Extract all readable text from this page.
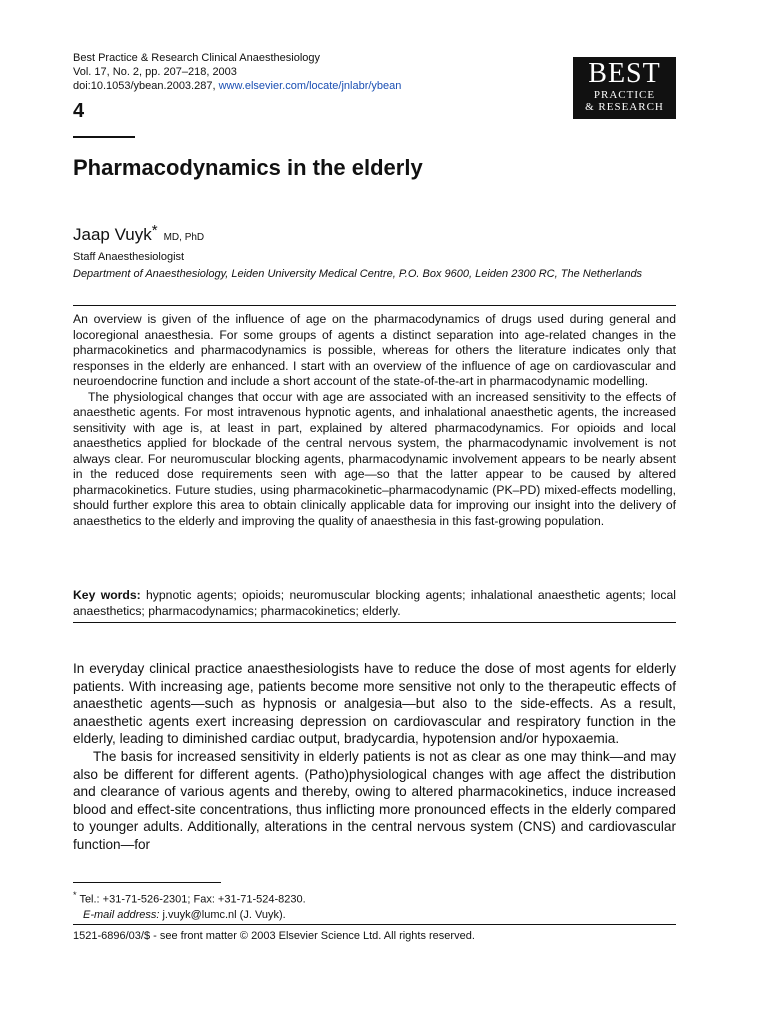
Best Practice & Research Clinical Anaesthesiology
Vol. 17, No. 2, pp. 207–218, 2003
doi:10.1053/ybean.2003.287, www.elsevier.com/locate/jnlabr/ybean	BEST
PRACTICE
& RESEARCH
4
Pharmacodynamics in the elderly
Jaap Vuyk* MD, PhD
Staff Anaesthesiologist
Department of Anaesthesiology, Leiden University Medical Centre, P.O. Box 9600, Leiden 2300 RC, The Netherlands

An overview is given of the influence of age on the pharmacodynamics of drugs used during general and locoregional anaesthesia. For some groups of agents a distinct separation into age-related changes in the pharmacokinetics and pharmacodynamics is possible, whereas for others the literature indicates only that responses in the elderly are enhanced. I start with an overview of the influence of age on cardiovascular and neuroendocrine function and include a short account of the state-of-the-art in pharmacodynamic modelling.

The physiological changes that occur with age are associated with an increased sensitivity to the effects of anaesthetic agents. For most intravenous hypnotic agents, and inhalational anaesthetic agents, the increased sensitivity with age is, at least in part, explained by altered pharmacodynamics. For opioids and local anaesthetics applied for blockade of the central nervous system, the pharmacodynamic involvement is not always clear. For neuromuscular blocking agents, pharmacodynamic involvement appears to be nearly absent in the reduced dose requirements seen with age—so that the latter appear to be caused by altered pharmacokinetics. Future studies, using pharmacokinetic–pharmacodynamic (PK–PD) mixed-effects modelling, should further explore this area to obtain clinically applicable data for improving our insight into the delivery of anaesthetics to the elderly and improving the quality of anaesthesia in this fast-growing population.

Key words: hypnotic agents; opioids; neuromuscular blocking agents; inhalational anaesthetic agents; local anaesthetics; pharmacodynamics; pharmacokinetics; elderly.

In everyday clinical practice anaesthesiologists have to reduce the dose of most agents for elderly patients. With increasing age, patients become more sensitive not only to the therapeutic effects of anaesthetic agents—such as hypnosis or analgesia—but also to the side-effects. As a result, anaesthetic agents exert increasing depression on cardiovascular and respiratory function in the elderly, leading to diminished cardiac output, bradycardia, hypotension and/or hypoxaemia.

The basis for increased sensitivity in elderly patients is not as clear as one may think—and may also be different for different agents. (Patho)physiological changes with age affect the distribution and clearance of various agents and thereby, owing to altered pharmacokinetics, induce increased blood and effect-site concentrations, thus inflicting more pronounced effects in the elderly compared to younger adults. Additionally, alterations in the central nervous system (CNS) and cardiovascular function—for

* Tel.: +31-71-526-2301; Fax: +31-71-524-8230.
E-mail address: j.vuyk@lumc.nl (J. Vuyk).
1521-6896/03/$ - see front matter © 2003 Elsevier Science Ltd. All rights reserved.
